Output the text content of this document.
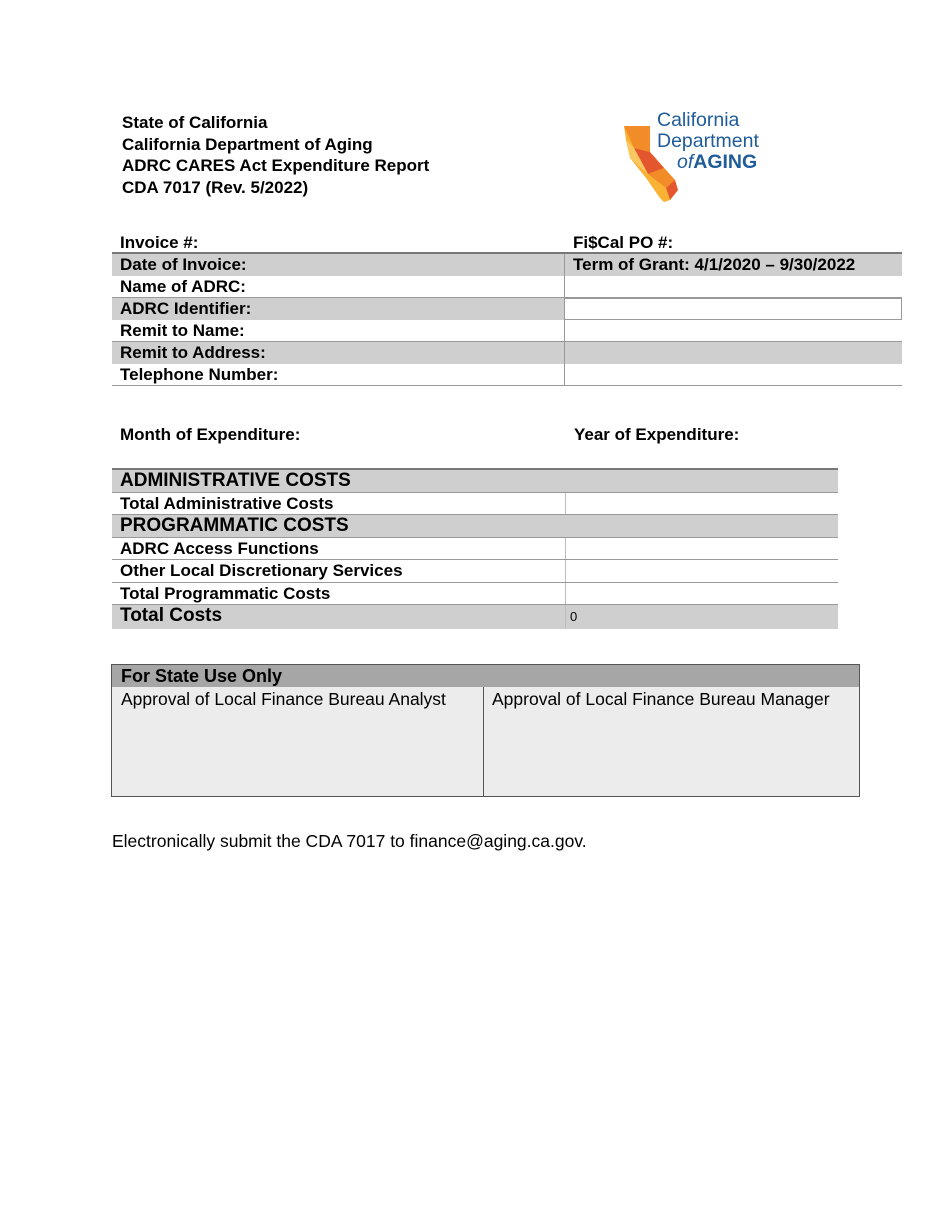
State of California
California Department of Aging
ADRC CARES Act Expenditure Report
CDA 7017 (Rev. 5/2022)
California
Department
ofAGING
Invoice #:	Fi$Cal PO #:
Date of Invoice:	Term of Grant: 4/1/2020 – 9/30/2022
Name of ADRC:
ADRC Identifier:
Remit to Name:
Remit to Address:
Telephone Number:
Month of Expenditure:	Year of Expenditure:
ADMINISTRATIVE COSTS
Total Administrative Costs
PROGRAMMATIC COSTS
ADRC Access Functions
Other Local Discretionary Services
Total Programmatic Costs
Total Costs	0
For State Use Only
Approval of Local Finance Bureau Analyst	Approval of Local Finance Bureau Manager
Electronically submit the CDA 7017 to finance@aging.ca.gov.
